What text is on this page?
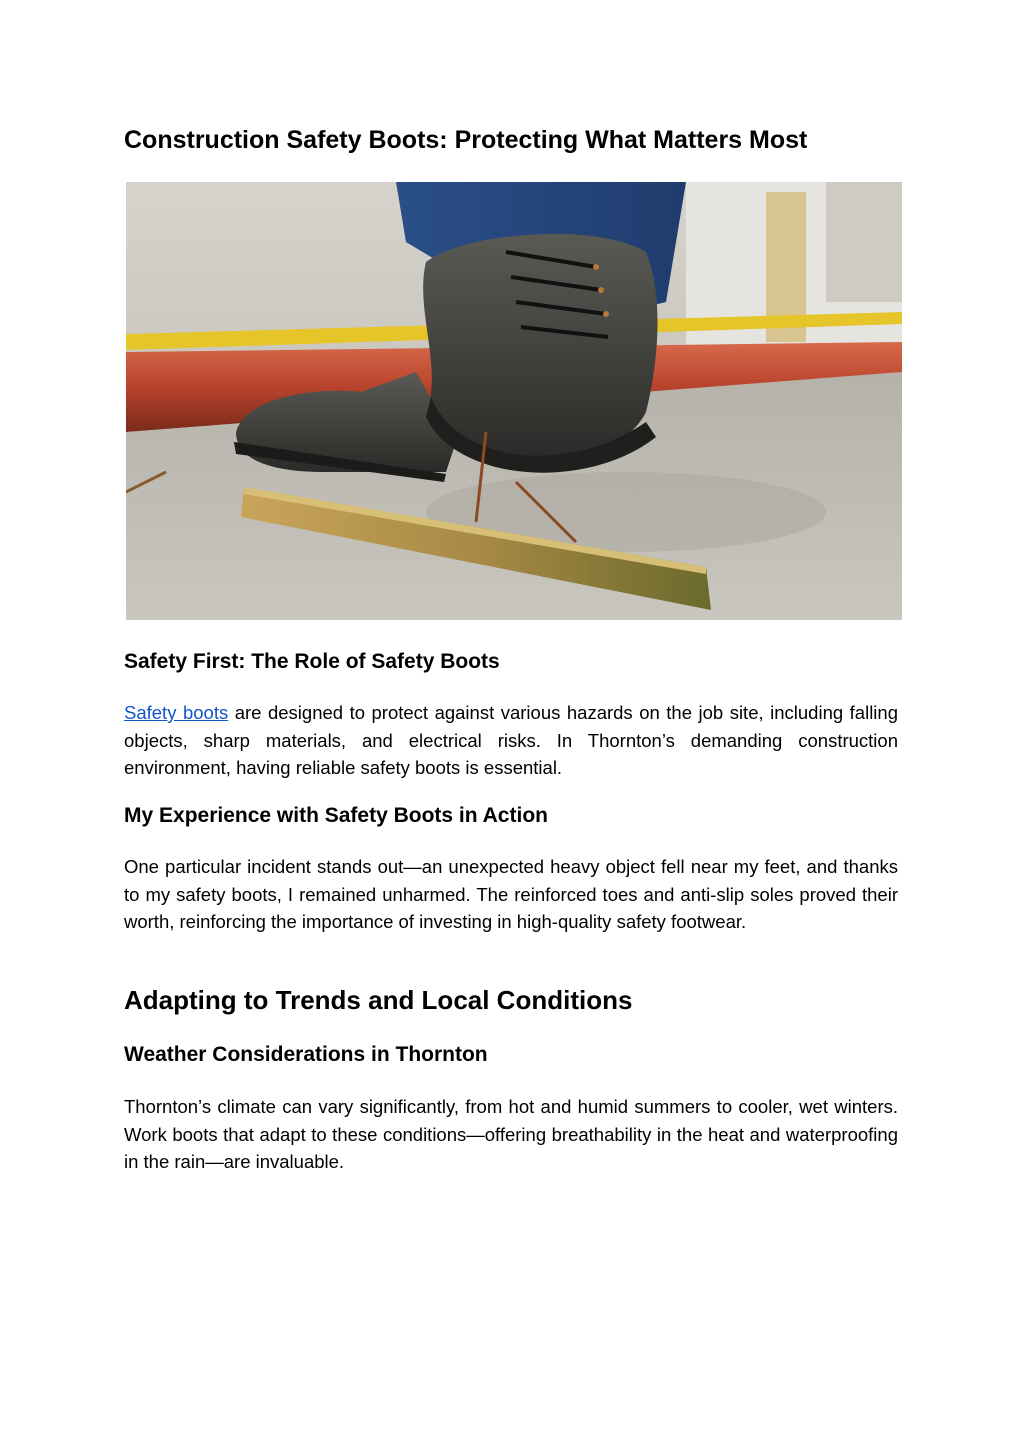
Construction Safety Boots: Protecting What Matters Most
Safety First: The Role of Safety Boots

Safety boots are designed to protect against various hazards on the job site, including falling objects, sharp materials, and electrical risks. In Thornton’s demanding construction environment, having reliable safety boots is essential.

My Experience with Safety Boots in Action

One particular incident stands out—an unexpected heavy object fell near my feet, and thanks to my safety boots, I remained unharmed. The reinforced toes and anti-slip soles proved their worth, reinforcing the importance of investing in high-quality safety footwear.

Adapting to Trends and Local Conditions
Weather Considerations in Thornton

Thornton’s climate can vary significantly, from hot and humid summers to cooler, wet winters. Work boots that adapt to these conditions—offering breathability in the heat and waterproofing in the rain—are invaluable.
